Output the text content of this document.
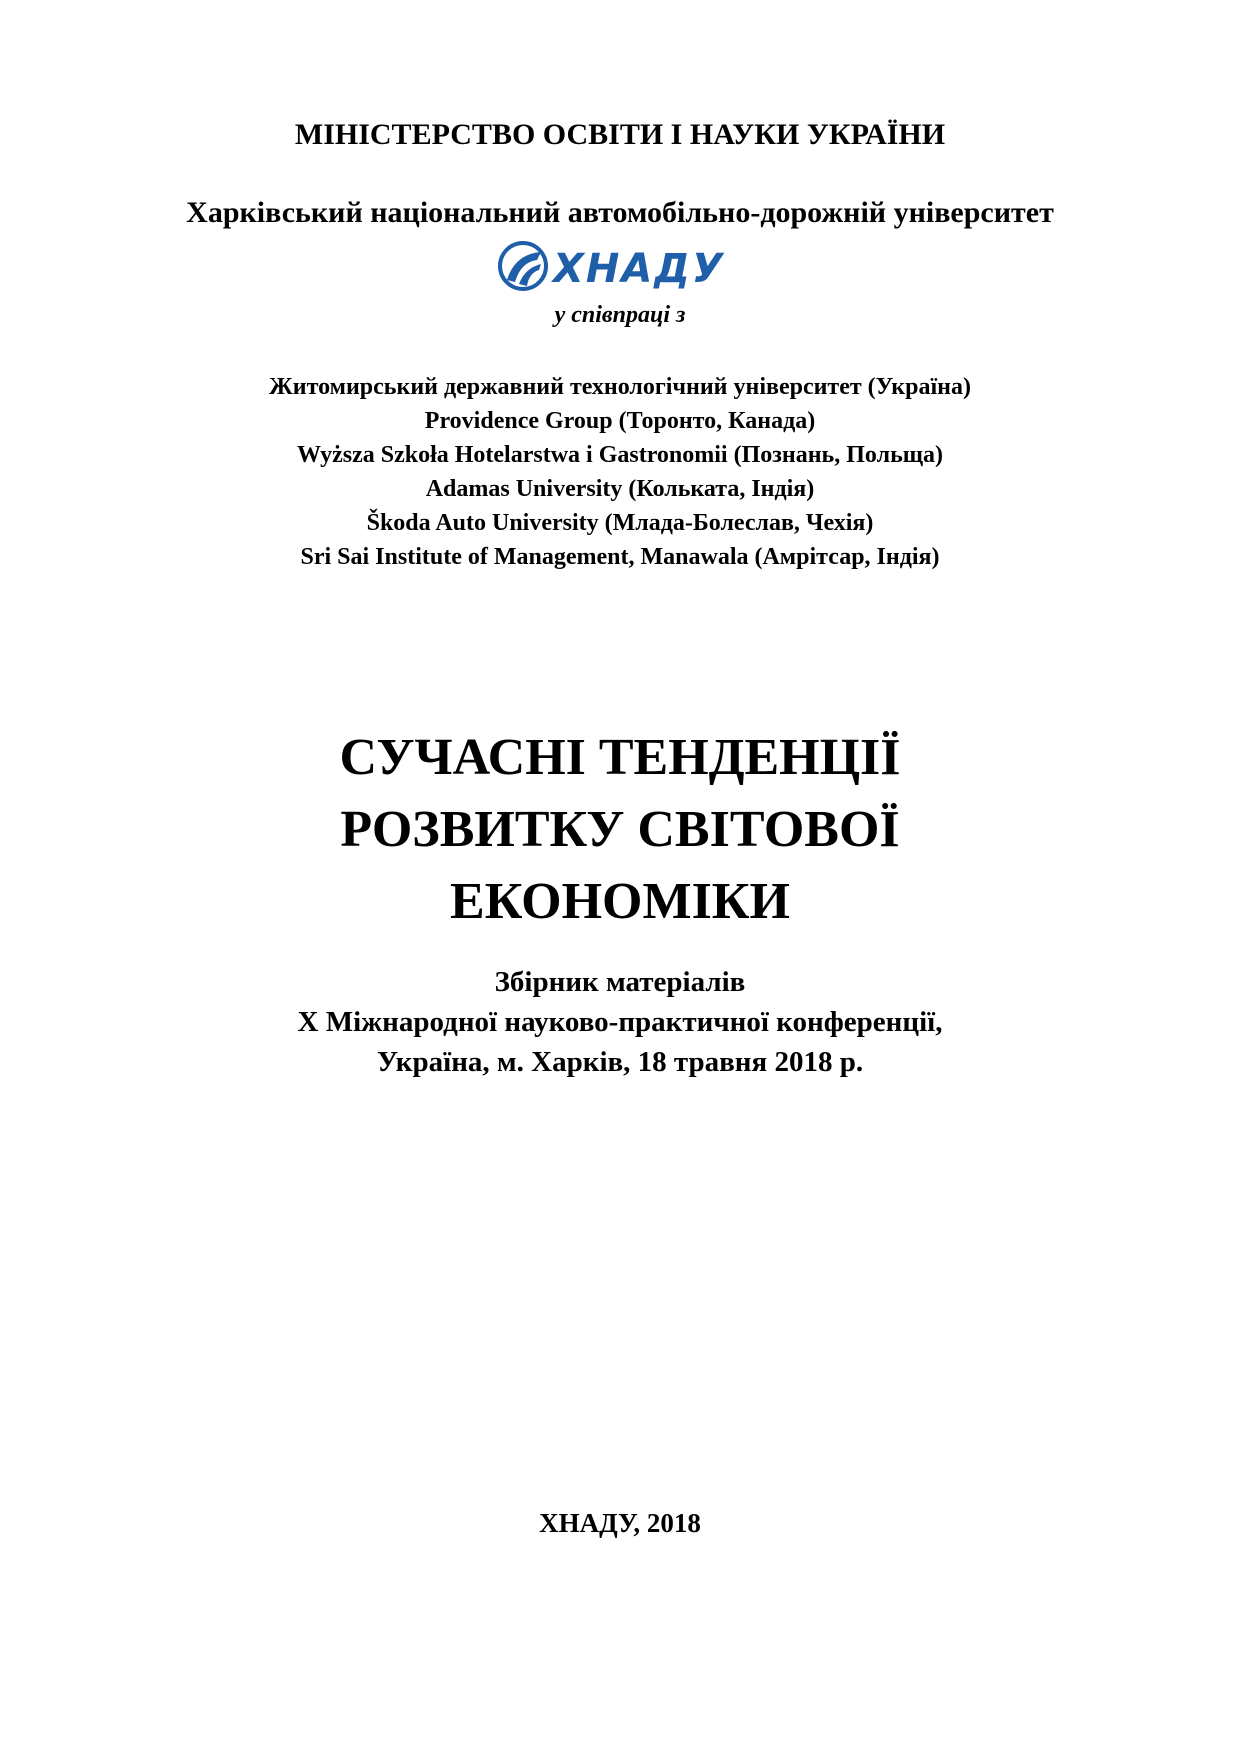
МІНІСТЕРСТВО ОСВІТИ І НАУКИ УКРАЇНИ
Харківський національний автомобільно-дорожній університет
ХНАДУ
у співпраці з
Житомирський державний технологічний університет (Україна)
Providence Group (Торонто, Канада)
Wyższa Szkoła Hotelarstwa i Gastronomii (Познань, Польща)
Adamas University (Кольката, Індія)
Škoda Auto University (Млада-Болеслав, Чехія)
Sri Sai Institute of Management, Manawala (Амрітсар, Індія)
СУЧАСНІ ТЕНДЕНЦІЇ
РОЗВИТКУ СВІТОВОЇ
ЕКОНОМІКИ
Збірник матеріалів
X Міжнародної науково-практичної конференції,
Україна, м. Харків, 18 травня 2018 р.
ХНАДУ, 2018
